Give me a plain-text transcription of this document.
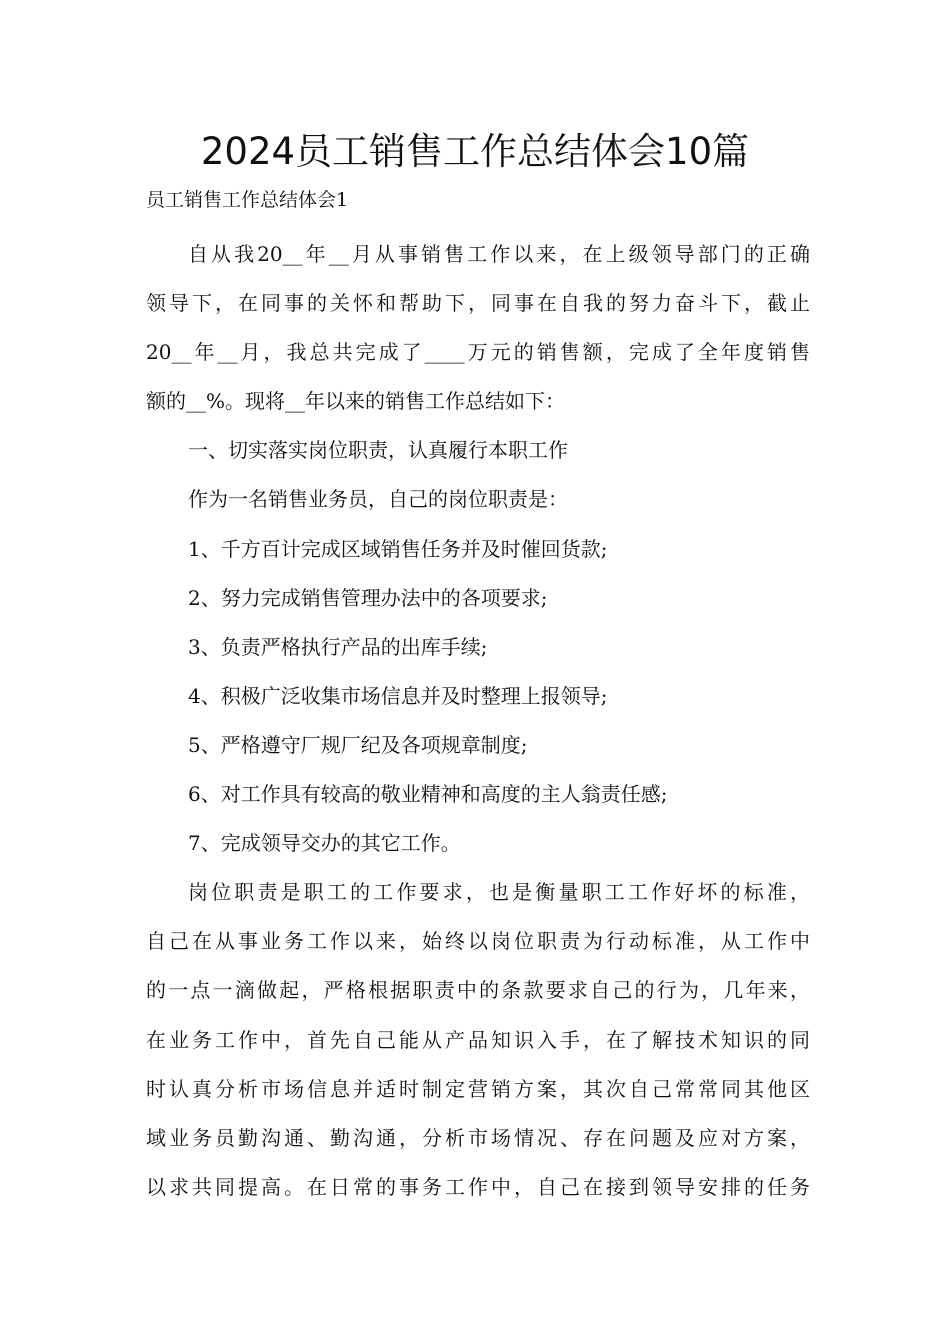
2024员工销售工作总结体会10篇

员工销售工作总结体会1

自从我20__年__月从事销售工作以来，在上级领导部门的正确
领导下，在同事的关怀和帮助下，同事在自我的努力奋斗下，截止
20__年__月，我总共完成了____万元的销售额，完成了全年度销售
额的__%。现将__年以来的销售工作总结如下：
一、切实落实岗位职责，认真履行本职工作
作为一名销售业务员，自己的岗位职责是：
1、千方百计完成区域销售任务并及时催回货款;
2、努力完成销售管理办法中的各项要求;
3、负责严格执行产品的出库手续;
4、积极广泛收集市场信息并及时整理上报领导;
5、严格遵守厂规厂纪及各项规章制度;
6、对工作具有较高的敬业精神和高度的主人翁责任感;
7、完成领导交办的其它工作。
岗位职责是职工的工作要求，也是衡量职工工作好坏的标准，
自己在从事业务工作以来，始终以岗位职责为行动标准，从工作中
的一点一滴做起，严格根据职责中的条款要求自己的行为，几年来，
在业务工作中，首先自己能从产品知识入手，在了解技术知识的同
时认真分析市场信息并适时制定营销方案，其次自己常常同其他区
域业务员勤沟通、勤沟通，分析市场情况、存在问题及应对方案，
以求共同提高。在日常的事务工作中，自己在接到领导安排的任务
